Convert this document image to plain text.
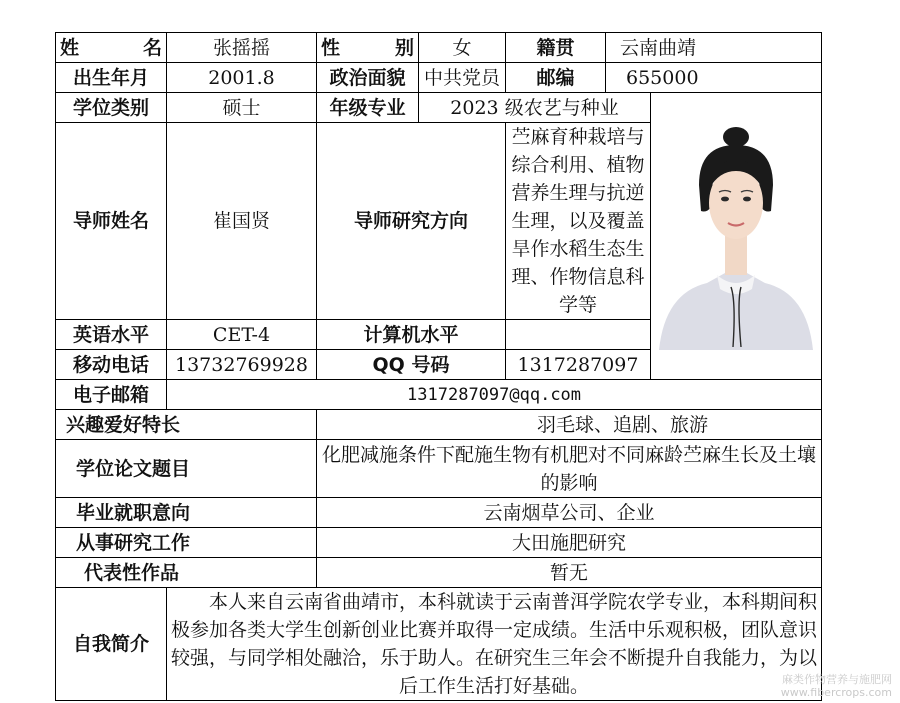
姓　　名	张摇摇	性　　别	女	籍贯	云南曲靖	
出生年月	2001.8	政治面貌	中共党员	邮编	655000	
学位类别	硕士	年级专业	2023 级农艺与种业	
导师姓名	崔国贤	导师研究方向		苎麻育种栽培与综合利用、植物营养生理与抗逆生理，以及覆盖旱作水稻生态生理、作物信息科学等		
英语水平	CET-4	计算机水平				
移动电话	13732769928	QQ 号码		1317287097		
电子邮箱	1317287097@qq.com					
兴趣爱好特长		羽毛球、追剧、旅游				
学位论文题目		化肥减施条件下配施生物有机肥对不同麻龄苎麻生长及土壤的影响				
毕业就职意向		云南烟草公司、企业				
从事研究工作		大田施肥研究				
代表性作品		暂无				
自我简介	本人来自云南省曲靖市，本科就读于云南普洱学院农学专业，本科期间积极参加各类大学生创新创业比赛并取得一定成绩。生活中乐观积极，团队意识较强，与同学相处融洽，乐于助人。在研究生三年会不断提升自我能力，为以后工作生活打好基础。						麻类作物营养与施肥网
www.fibercrops.com
